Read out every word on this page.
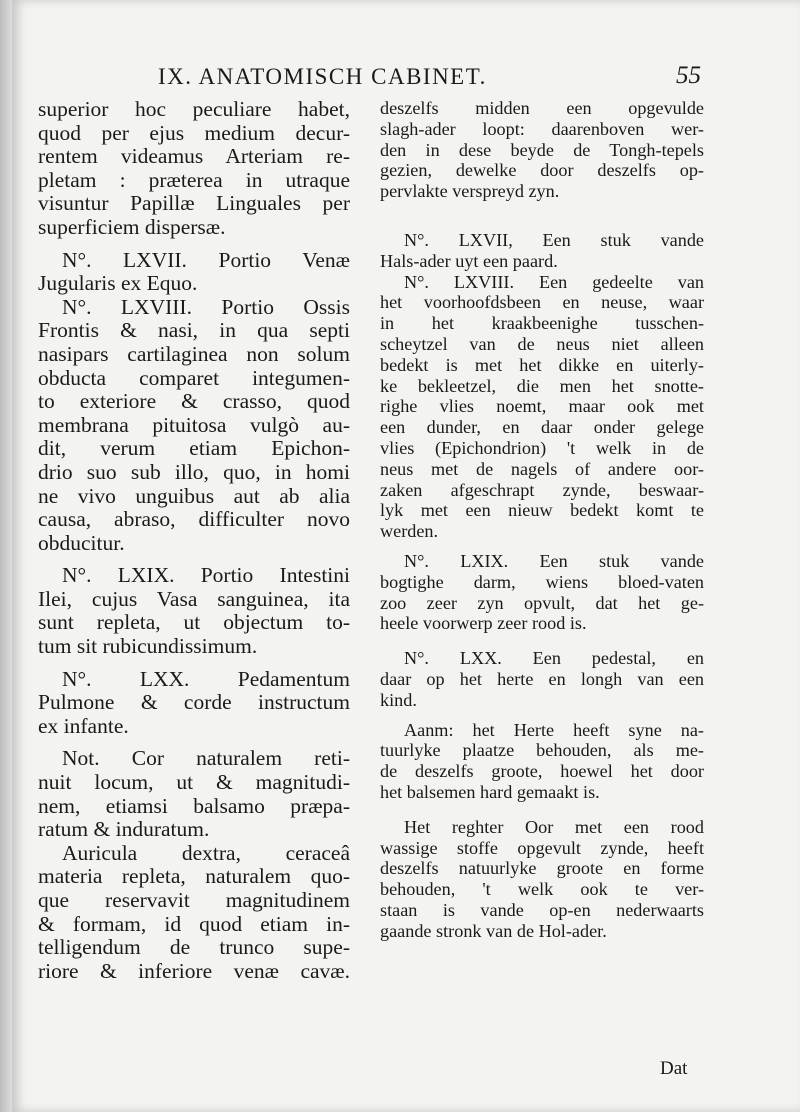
IX. ANATOMISCH CABINET.	55
superior hoc peculiare habet,
quod per ejus medium decur-
rentem videamus Arteriam re-
pletam : præterea in utraque
visuntur Papillæ Linguales per
superficiem dispersæ.
N°. LXVII. Portio Venæ
Jugularis ex Equo.
N°. LXVIII. Portio Ossis
Frontis & nasi, in qua septi
nasipars cartilaginea non solum
obducta comparet integumen-
to exteriore & crasso, quod
membrana pituitosa vulgò au-
dit, verum etiam Epichon-
drio suo sub illo, quo, in homi
ne vivo unguibus aut ab alia
causa, abraso, difficulter novo
obducitur.
N°. LXIX. Portio Intestini
Ilei, cujus Vasa sanguinea, ita
sunt repleta, ut objectum to-
tum sit rubicundissimum.
N°. LXX. Pedamentum
Pulmone & corde instructum
ex infante.
Not. Cor naturalem reti-
nuit locum, ut & magnitudi-
nem, etiamsi balsamo præpa-
ratum & induratum.
Auricula dextra, ceraceâ
materia repleta, naturalem quo-
que reservavit magnitudinem
& formam, id quod etiam in-
telligendum de trunco supe-
riore & inferiore venæ cavæ.
deszelfs midden een opgevulde
slagh-ader loopt: daarenboven wer-
den in dese beyde de Tongh-tepels
gezien, dewelke door deszelfs op-
pervlakte verspreyd zyn.
N°. LXVII, Een stuk vande
Hals-ader uyt een paard.
N°. LXVIII. Een gedeelte van
het voorhoofdsbeen en neuse, waar
in het kraakbeenighe tusschen-
scheytzel van de neus niet alleen
bedekt is met het dikke en uiterly-
ke bekleetzel, die men het snotte-
righe vlies noemt, maar ook met
een dunder, en daar onder gelege
vlies (Epichondrion) 't welk in de
neus met de nagels of andere oor-
zaken afgeschrapt zynde, beswaar-
lyk met een nieuw bedekt komt te
werden.
N°. LXIX. Een stuk vande
bogtighe darm, wiens bloed-vaten
zoo zeer zyn opvult, dat het ge-
heele voorwerp zeer rood is.
N°. LXX. Een pedestal, en
daar op het herte en longh van een
kind.
Aanm: het Herte heeft syne na-
tuurlyke plaatze behouden, als me-
de deszelfs groote, hoewel het door
het balsemen hard gemaakt is.
Het reghter Oor met een rood
wassige stoffe opgevult zynde, heeft
deszelfs natuurlyke groote en forme
behouden, 't welk ook te ver-
staan is vande op-en nederwaarts
gaande stronk van de Hol-ader.
Dat
